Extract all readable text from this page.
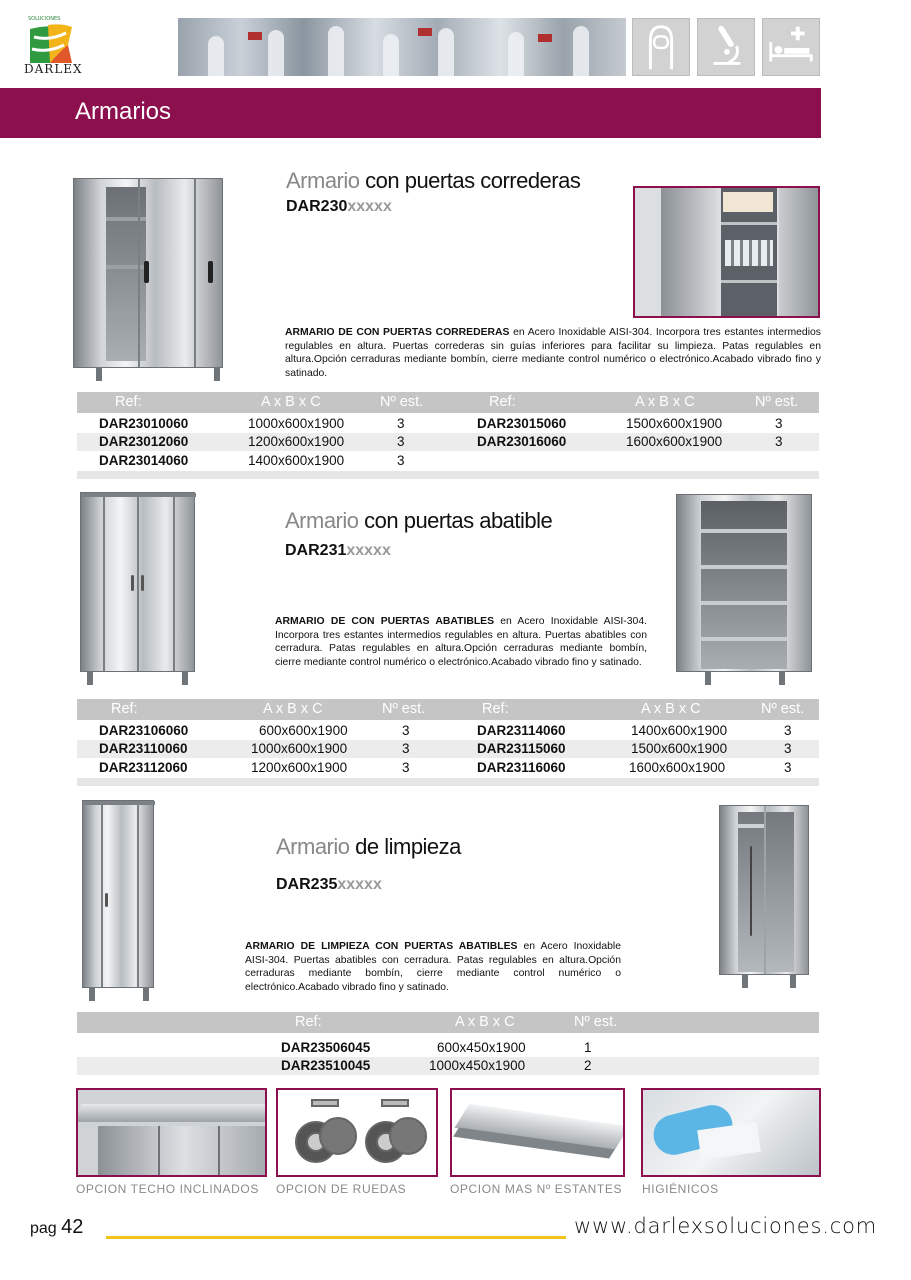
SOLUCIONES
DARLEX
Armarios
Armario con puertas correderas
DAR230xxxxx
ARMARIO DE CON PUERTAS CORREDERAS en Acero Inoxidable AISI-304. Incorpora tres estantes intermedios regulables en altura. Puertas correderas sin guías inferiores para facilitar su limpieza. Patas regulables en altura.Opción cerraduras mediante bombín, cierre mediante control numérico o electrónico.Acabado vibrado fino y satinado.
Ref:	A x B x C	Nº est.	Ref:	A x B x C	Nº est.
DAR23010060	1000x600x1900	3	DAR23015060	1500x600x1900	3
DAR23012060	1200x600x1900	3	DAR23016060	1600x600x1900	3
DAR23014060	1400x600x1900	3
Armario con puertas abatible
DAR231xxxxx
ARMARIO DE CON PUERTAS ABATIBLES en Acero Inoxidable AISI-304. Incorpora tres estantes intermedios regulables en altura. Puertas abatibles con cerradura. Patas regulables en altura.Opción cerraduras mediante bombín, cierre mediante control numérico o electrónico.Acabado vibrado fino y satinado.
Ref:	A x B x C	Nº est.	Ref:	A x B x C	Nº est.
DAR23106060	600x600x1900	3	DAR23114060	1400x600x1900	3
DAR23110060	1000x600x1900	3	DAR23115060	1500x600x1900	3
DAR23112060	1200x600x1900	3	DAR23116060	1600x600x1900	3
Armario de limpieza
DAR235xxxxx
ARMARIO DE LIMPIEZA CON PUERTAS ABATIBLES en Acero Inoxidable AISI-304. Puertas abatibles con cerradura. Patas regulables en altura.Opción cerraduras mediante bombín, cierre mediante control numérico o electrónico.Acabado vibrado fino y satinado.
Ref:	A x B x C	Nº est.
DAR23506045	600x450x1900	1
DAR23510045	1000x450x1900	2
OPCION TECHO INCLINADOS OPCION DE RUEDAS	OPCION MAS Nº ESTANTES HIGIÉNICOS
pag 42	www.darlexsoluciones.com
